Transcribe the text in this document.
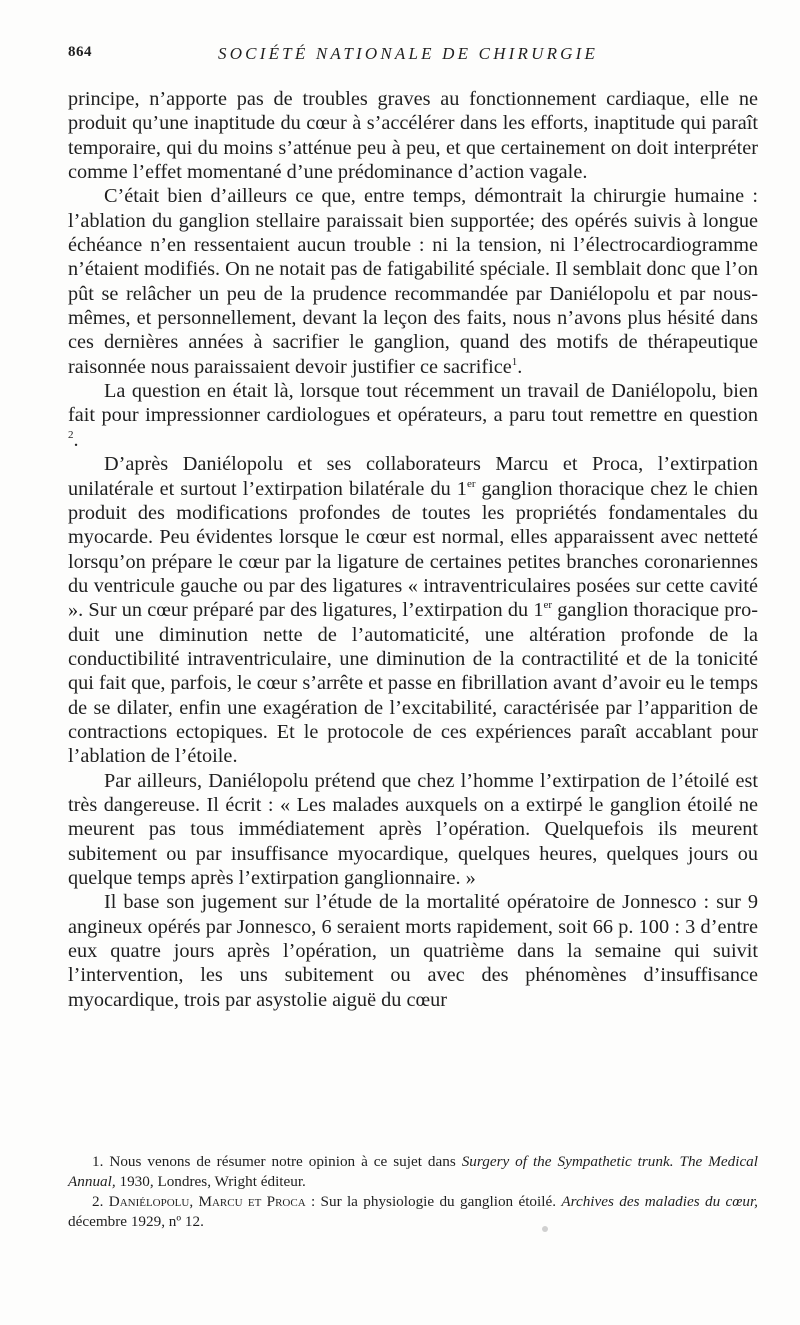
864	SOCIÉTÉ NATIONALE DE CHIRURGIE

principe, n’apporte pas de troubles graves au fonctionnement cardiaque, elle ne produit qu’une inaptitude du cœur à s’accélérer dans les efforts, inaptitude qui paraît temporaire, qui du moins s’atténue peu à peu, et que certainement on doit interpréter comme l’effet momentané d’une prédominance d’action vagale.

C’était bien d’ailleurs ce que, entre temps, démontrait la chirurgie humaine : l’ablation du ganglion stellaire paraissait bien supportée; des opérés suivis à longue échéance n’en ressentaient aucun trouble : ni la tension, ni l’électrocardiogramme n’étaient modifiés. On ne notait pas de fatigabilité spéciale. Il semblait donc que l’on pût se relâcher un peu de la prudence recommandée par Daniélopolu et par nous-mêmes, et personnellement, devant la leçon des faits, nous n’avons plus hésité dans ces dernières années à sacrifier le ganglion, quand des motifs de thérapeutique raisonnée nous paraissaient devoir justifier ce sacrifice$^1$.

La question en était là, lorsque tout récemment un travail de Daniélopolu, bien fait pour impressionner cardiologues et opérateurs, a paru tout remettre en question $^2$.

D’après Daniélopolu et ses collaborateurs Marcu et Proca, l’extirpation unilatérale et surtout l’extirpation bilatérale du 1er ganglion thoracique chez le chien produit des modifications profondes de toutes les propriétés fondamentales du myocarde. Peu évidentes lorsque le cœur est normal, elles apparaissent avec netteté lorsqu’on prépare le cœur par la ligature de certaines petites branches coronariennes du ventricule gauche ou par des ligatures « intraventriculaires posées sur cette cavité ». Sur un cœur préparé par des ligatures, l’extirpation du 1er ganglion thoracique produit une diminution nette de l’automaticité, une altération profonde de la conductibilité intraventriculaire, une diminution de la contractilité et de la tonicité qui fait que, parfois, le cœur s’arrête et passe en fibrillation avant d’avoir eu le temps de se dilater, enfin une exagération de l’excitabilité, caractérisée par l’apparition de contractions ectopiques. Et le protocole de ces expériences paraît accablant pour l’ablation de l’étoile.

Par ailleurs, Daniélopolu prétend que chez l’homme l’extirpation de l’étoilé est très dangereuse. Il écrit : « Les malades auxquels on a extirpé le ganglion étoilé ne meurent pas tous immédiatement après l’opération. Quelquefois ils meurent subitement ou par insuffisance myocardique, quelques heures, quelques jours ou quelque temps après l’extirpation ganglionnaire. »

Il base son jugement sur l’étude de la mortalité opératoire de Jonnesco : sur 9 angineux opérés par Jonnesco, 6 seraient morts rapidement, soit 66 p. 100 : 3 d’entre eux quatre jours après l’opération, un quatrième dans la semaine qui suivit l’intervention, les uns subitement ou avec des phénomènes d’insuffisance myocardique, trois par asystolie aiguë du cœur

1. Nous venons de résumer notre opinion à ce sujet dans Surgery of the Sympathetic trunk. The Medical Annual, 1930, Londres, Wright éditeur.

2. Daniélopolu, Marcu et Proca : Sur la physiologie du ganglion étoilé. Archives des maladies du cœur, décembre 1929, nº 12.
